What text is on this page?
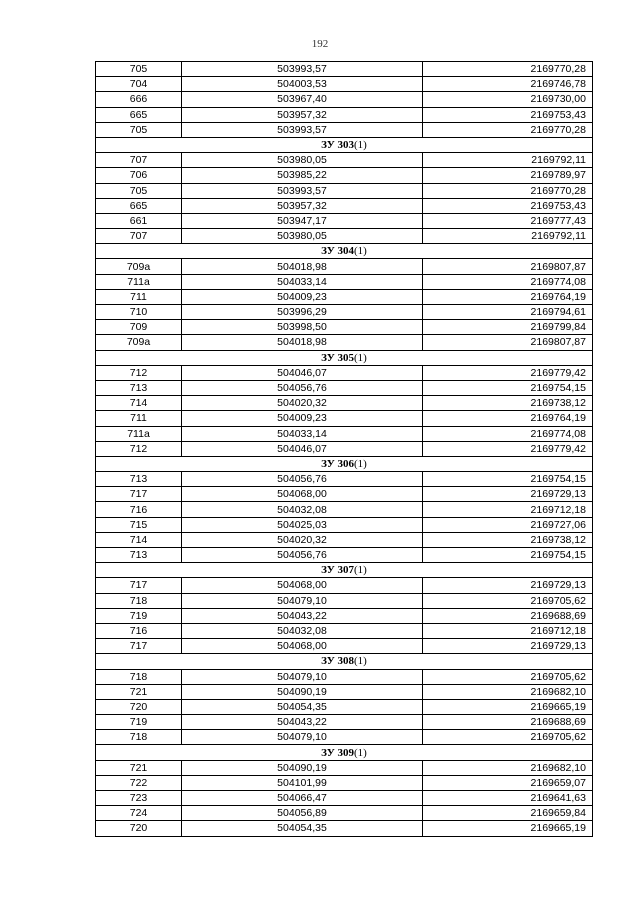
192
705	503993,57	2169770,28
704	504003,53	2169746,78
666	503967,40	2169730,00
665	503957,32	2169753,43
705	503993,57	2169770,28
ЗУ 303(1)		
707	503980,05	2169792,11
706	503985,22	2169789,97
705	503993,57	2169770,28
665	503957,32	2169753,43
661	503947,17	2169777,43
707	503980,05	2169792,11
ЗУ 304(1)		
709а	504018,98	2169807,87
711а	504033,14	2169774,08
711	504009,23	2169764,19
710	503996,29	2169794,61
709	503998,50	2169799,84
709а	504018,98	2169807,87
ЗУ 305(1)		
712	504046,07	2169779,42
713	504056,76	2169754,15
714	504020,32	2169738,12
711	504009,23	2169764,19
711а	504033,14	2169774,08
712	504046,07	2169779,42
ЗУ 306(1)		
713	504056,76	2169754,15
717	504068,00	2169729,13
716	504032,08	2169712,18
715	504025,03	2169727,06
714	504020,32	2169738,12
713	504056,76	2169754,15
ЗУ 307(1)		
717	504068,00	2169729,13
718	504079,10	2169705,62
719	504043,22	2169688,69
716	504032,08	2169712,18
717	504068,00	2169729,13
ЗУ 308(1)		
718	504079,10	2169705,62
721	504090,19	2169682,10
720	504054,35	2169665,19
719	504043,22	2169688,69
718	504079,10	2169705,62
ЗУ 309(1)		
721	504090,19	2169682,10
722	504101,99	2169659,07
723	504066,47	2169641,63
724	504056,89	2169659,84
720	504054,35	2169665,19
